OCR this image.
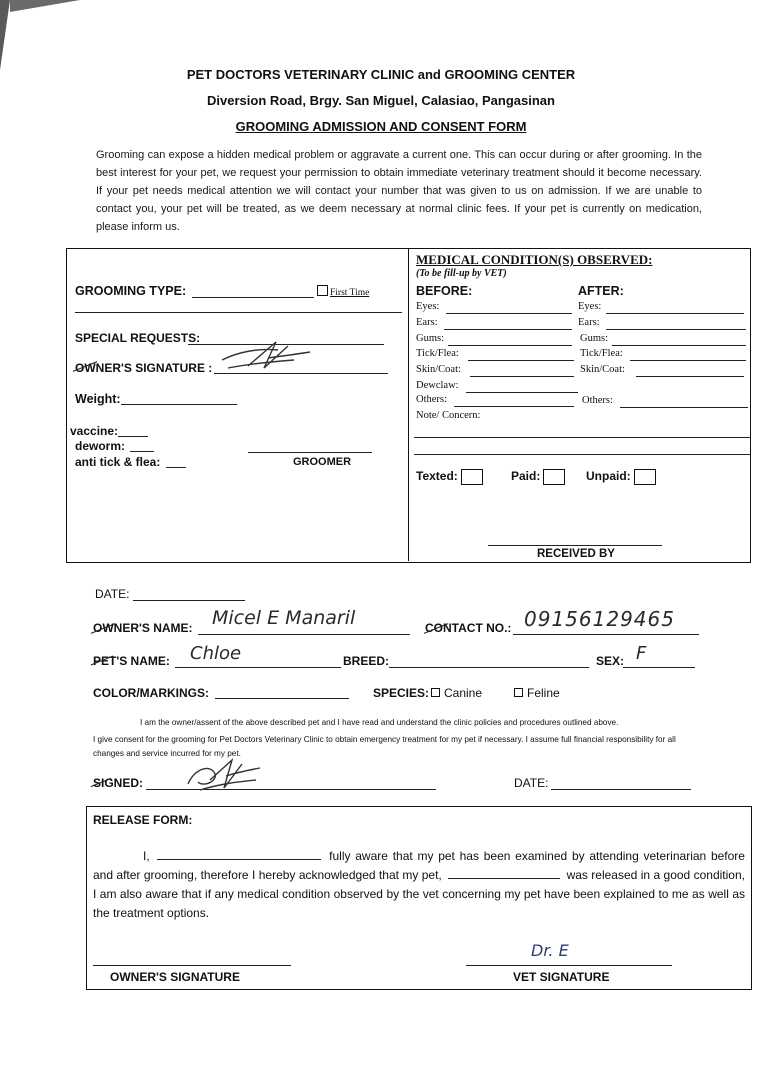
PET DOCTORS VETERINARY CLINIC and GROOMING CENTER
Diversion Road, Brgy. San Miguel, Calasiao, Pangasinan
GROOMING ADMISSION AND CONSENT FORM
Grooming can expose a hidden medical problem or aggravate a current one. This can occur during or after grooming. In the best interest for your pet, we request your permission to obtain immediate veterinary treatment should it become necessary. If your pet needs medical attention we will contact your number that was given to us on admission. If we are unable to contact you, your pet will be treated, as we deem necessary at normal clinic fees. If your pet is currently on medication, please inform us.
GROOMING TYPE:	First Time
SPECIAL REQUESTS:
OWNER'S SIGNATURE :
Weight:
vaccine:
deworm:
anti tick & flea:	GROOMER
MEDICAL CONDITION(S) OBSERVED:
(To be fill-up by VET)
BEFORE:	AFTER:
Eyes:	Eyes:
Ears:	Ears:
Gums:	Gums:
Tick/Flea:	Tick/Flea:
Skin/Coat:	Skin/Coat:
Dewclaw:
Others:	Others:
Note/ Concern:
Texted:	Paid:	Unpaid:
RECEIVED BY
DATE:
OWNER'S NAME: Micel E Manaril	CONTACT NO.: 09156129465
PET'S NAME: Chloe	BREED:	SEX: F
COLOR/MARKINGS:	SPECIES:	Canine	Feline
I am the owner/assent of the above described pet and I have read and understand the clinic policies and procedures outlined above.
I give consent for the grooming for Pet Doctors Veterinary Clinic to obtain emergency treatment for my pet if necessary. I assume full financial responsibility for all changes and service incurred for my pet.
SIGNED:	DATE:
RELEASE FORM:
I,	fully aware that my pet has been examined by attending veterinarian before and after grooming, therefore I hereby acknowledged that my pet,	was released in a good condition, I am also aware that if any medical condition observed by the vet concerning my pet have been explained to me as well as the treatment options.
OWNER'S SIGNATURE
Dr. E
VET SIGNATURE
